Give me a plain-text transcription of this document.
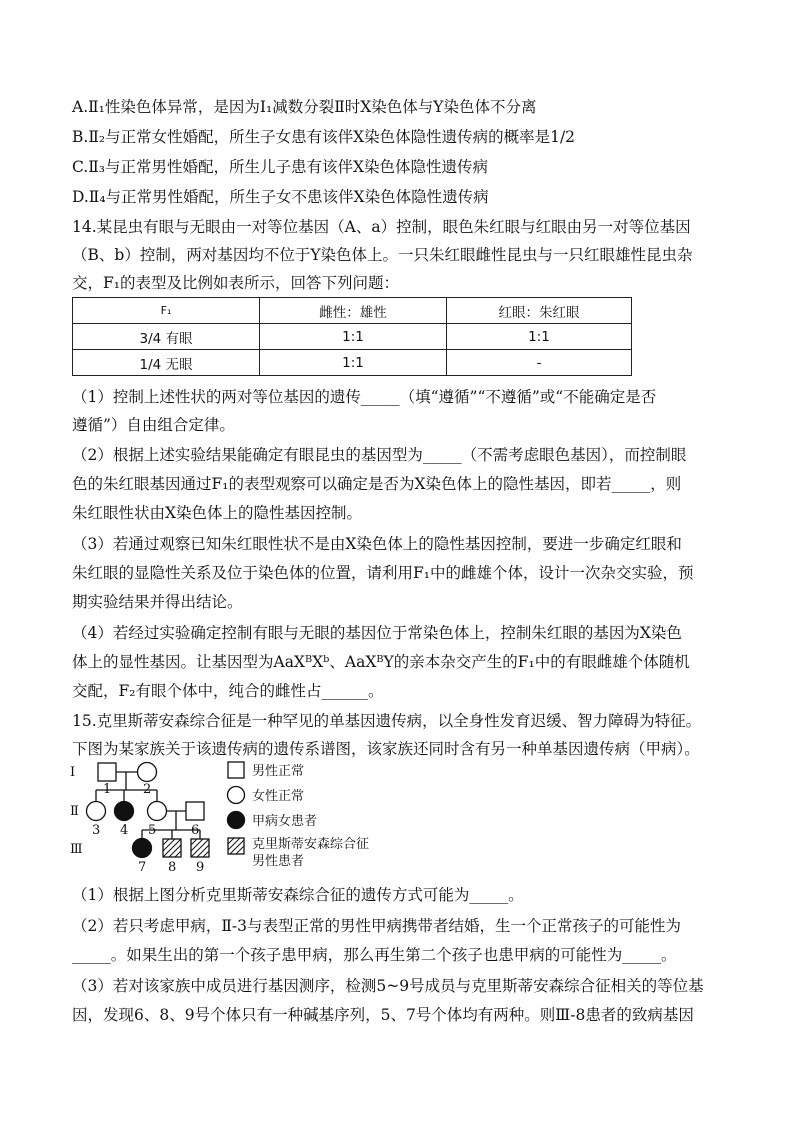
A.Ⅱ₁性染色体异常，是因为Ⅰ₁减数分裂Ⅱ时X染色体与Y染色体不分离
B.Ⅱ₂与正常女性婚配，所生子女患有该伴X染色体隐性遗传病的概率是1/2
C.Ⅱ₃与正常男性婚配，所生儿子患有该伴X染色体隐性遗传病
D.Ⅱ₄与正常男性婚配，所生子女不患该伴X染色体隐性遗传病
14.某昆虫有眼与无眼由一对等位基因（A、a）控制，眼色朱红眼与红眼由另一对等位基因
（B、b）控制，两对基因均不位于Y染色体上。一只朱红眼雌性昆虫与一只红眼雄性昆虫杂
交，F₁的表型及比例如表所示，回答下列问题：
F₁	雌性：雄性	红眼：朱红眼
3/4 有眼	1:1	1:1
1/4 无眼	1:1	-
（1）控制上述性状的两对等位基因的遗传_____（填“遵循”“不遵循”或“不能确定是否
遵循”）自由组合定律。
（2）根据上述实验结果能确定有眼昆虫的基因型为_____（不需考虑眼色基因），而控制眼
色的朱红眼基因通过F₁的表型观察可以确定是否为X染色体上的隐性基因，即若_____，则
朱红眼性状由X染色体上的隐性基因控制。
（3）若通过观察已知朱红眼性状不是由X染色体上的隐性基因控制，要进一步确定红眼和
朱红眼的显隐性关系及位于染色体的位置，请利用F₁中的雌雄个体，设计一次杂交实验，预
期实验结果并得出结论。
（4）若经过实验确定控制有眼与无眼的基因位于常染色体上，控制朱红眼的基因为X染色
体上的显性基因。让基因型为AaXᴮXᵇ、AaXᴮY的亲本杂交产生的F₁中的有眼雌雄个体随机
交配，F₂有眼个体中，纯合的雌性占______。
15.克里斯蒂安森综合征是一种罕见的单基因遗传病，以全身性发育迟缓、智力障碍为特征。
下图为某家族关于该遗传病的遗传系谱图，该家族还同时含有另一种单基因遗传病（甲病）。
Ⅰ
Ⅱ
Ⅲ
1 2
3 4 5	6
7 8 9
男性正常
女性正常
甲病女患者
克里斯蒂安森综合征
男性患者
（1）根据上图分析克里斯蒂安森综合征的遗传方式可能为_____。
（2）若只考虑甲病，Ⅱ-3与表型正常的男性甲病携带者结婚，生一个正常孩子的可能性为
_____。如果生出的第一个孩子患甲病，那么再生第二个孩子也患甲病的可能性为_____。
（3）若对该家族中成员进行基因测序，检测5~9号成员与克里斯蒂安森综合征相关的等位基
因，发现6、8、9号个体只有一种碱基序列，5、7号个体均有两种。则Ⅲ-8患者的致病基因
